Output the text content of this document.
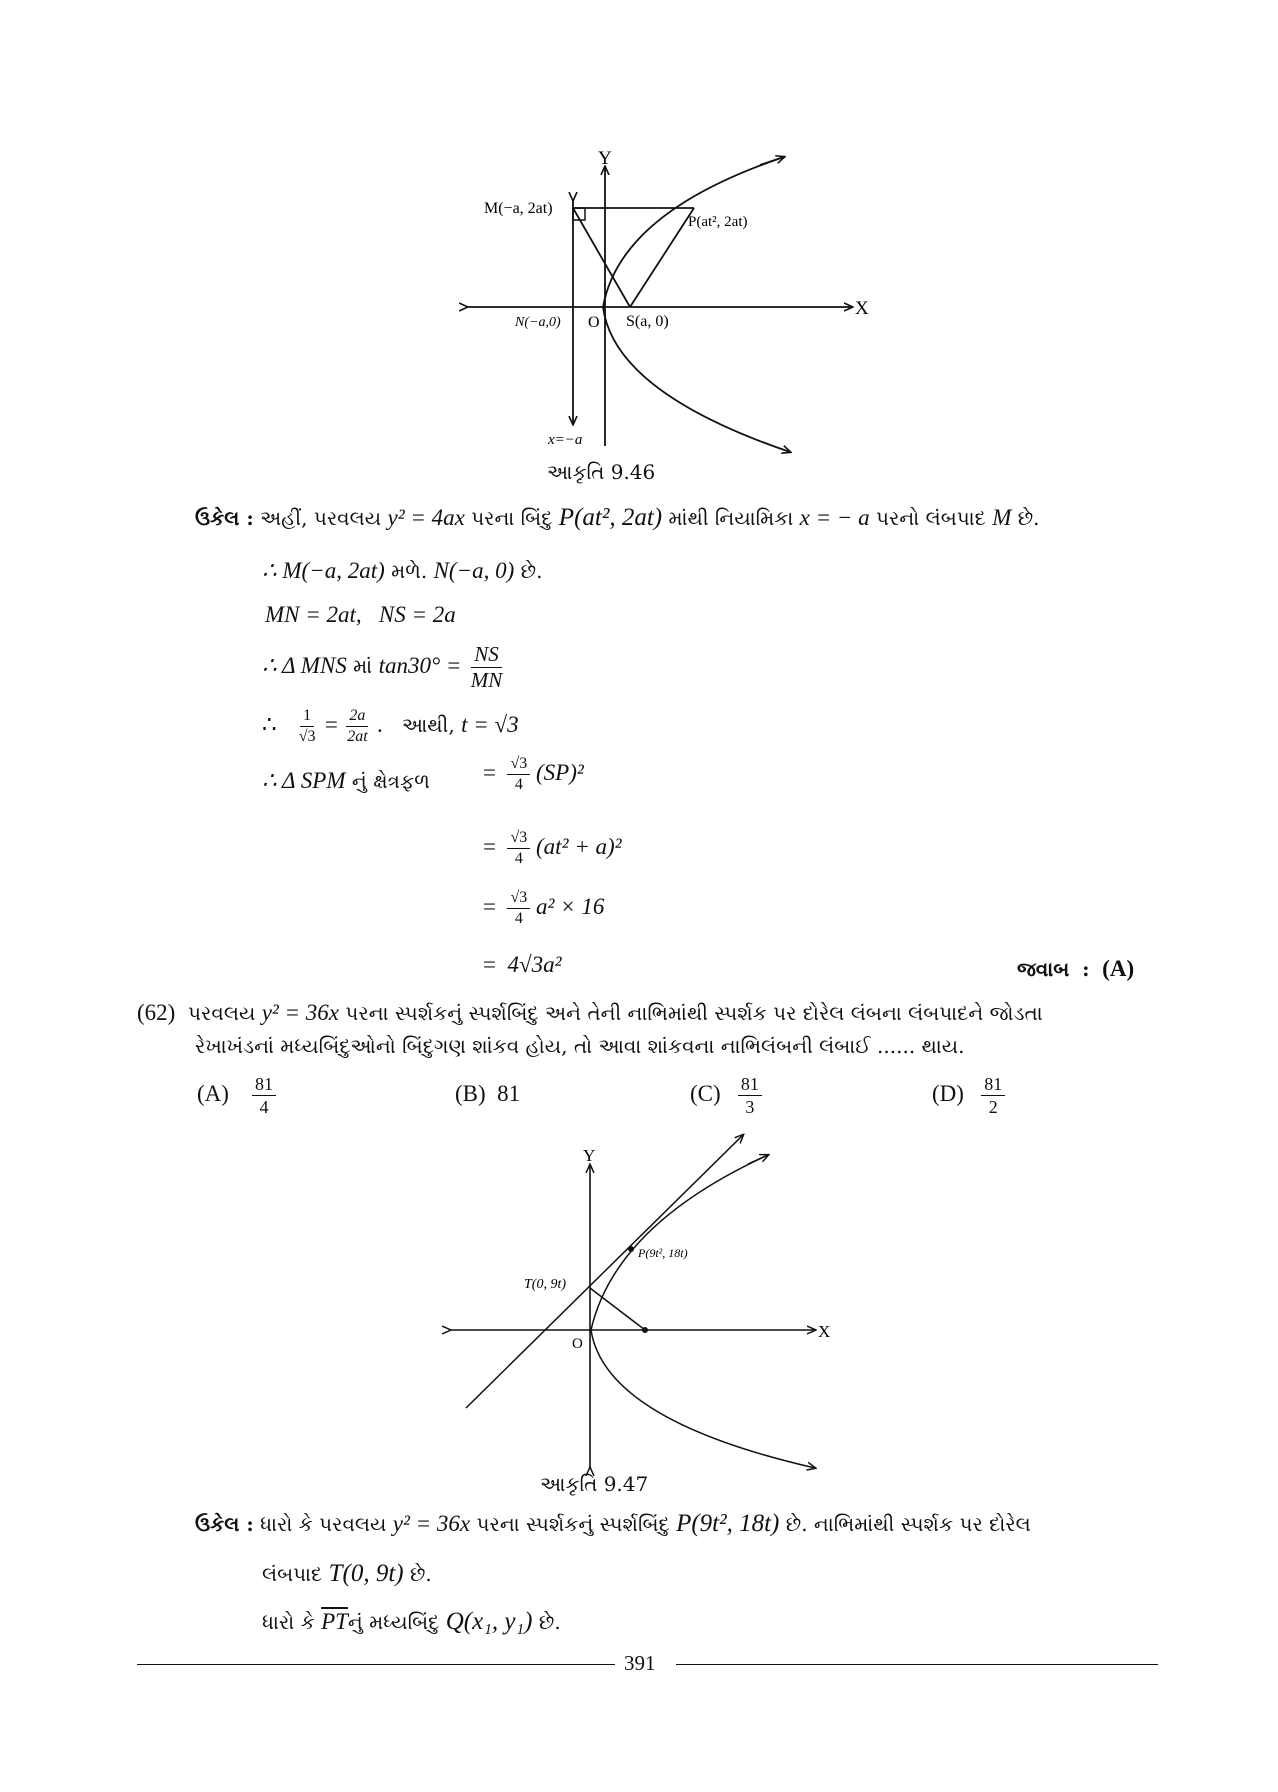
Y
X
M(−a, 2at)
P(at², 2at)
N(−a,0) O S(a, 0)
x=−a
આકૃતિ 9.46
ઉકેલ : અહીં, પરવલય y² = 4ax પરના બિંદુ P(at², 2at) માંથી નિયામિકા x = − a પરનો લંબપાદ M છે.
∴ M(−a, 2at) મળે. N(−a, 0) છે.
MN = 2at,   NS = 2a
∴ Δ MNS માં $\tan 30^\circ = \frac{NS}{MN}$
∴ $\frac{1}{√3} = \frac{2a}{2at}$ . આથી, t = √3
∴ Δ SPM નું ક્ષેત્રફળ = $\frac{√3}{4} (SP)^2$
= $\frac{√3}{4} (at^2 + a)^2$
= $\frac{√3}{4} a^2 \times 16$
= 4√3a²	જવાબ : (A)
(62) પરવલય y² = 36x પરના સ્પર્શકનું સ્પર્શબિંદુ અને તેની નાભિમાંથી સ્પર્શક પર દોરેલ લંબના લંબપાદને જોડતા
રેખાખંડનાં મધ્યબિંદુઓનો બિંદુગણ શાંકવ હોય, તો આવા શાંકવના નાભિલંબની લંબાઈ ...... થાય.
$(A) \frac{81}{4}$	(B) 81	$(C) \frac{81}{3}$	$(D) \frac{81}{2}$
Y
X
T(0, 9t)
P(9t², 18t)
O
આકૃતિ 9.47
ઉકેલ : ધારો કે પરવલય y² = 36x પરના સ્પર્શકનું સ્પર્શબિંદુ P(9t², 18t) છે. નાભિમાંથી સ્પર્શક પર દોરેલ
લંબપાદ T(0, 9t) છે.
ધારો કે $\overline{PT}નું$ મધ્યબિંદુ Q(x₁, y₁) છે.
391
